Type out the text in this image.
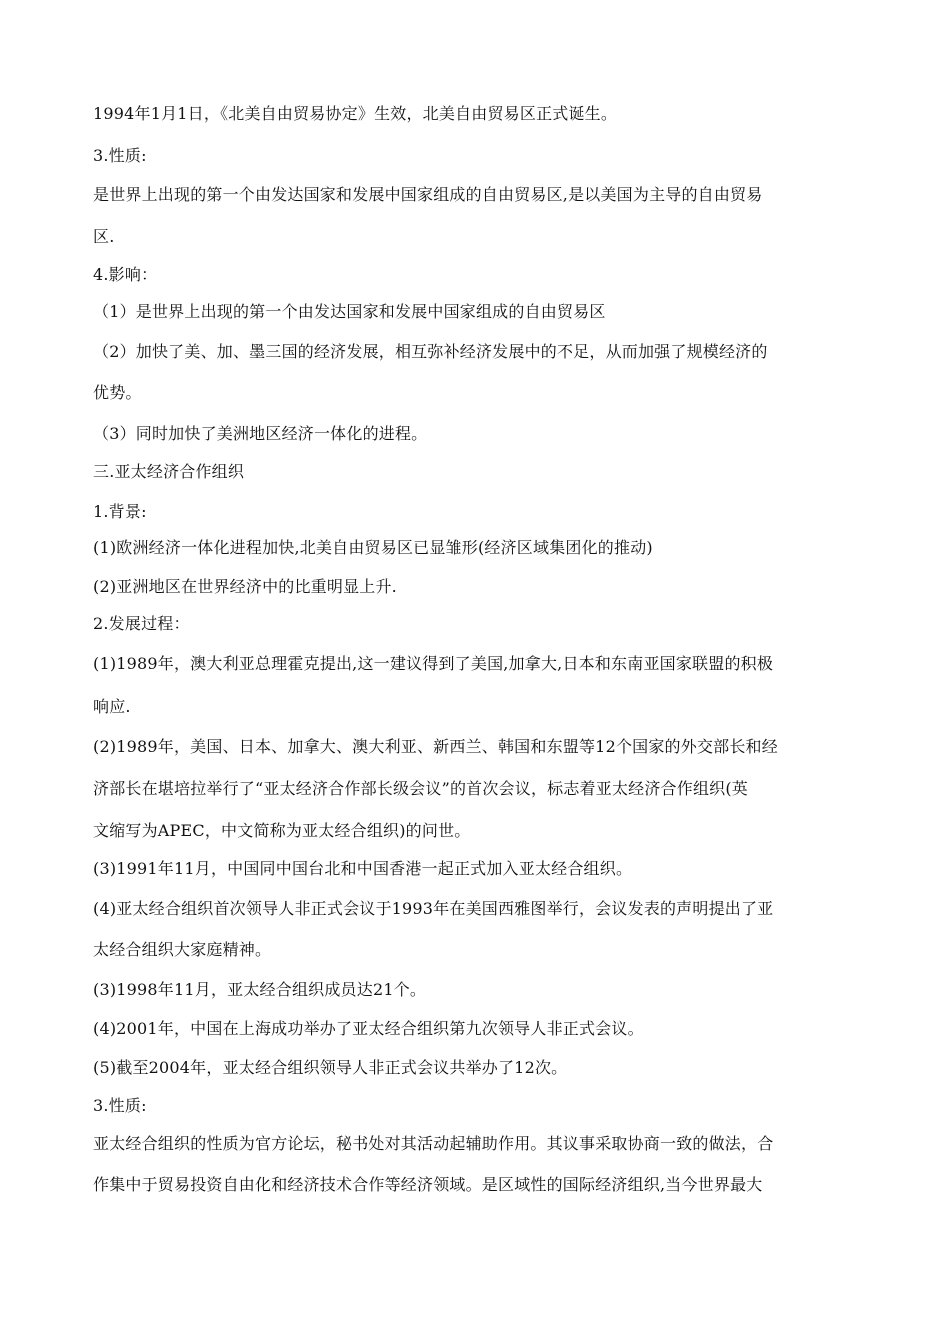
1994年1月1日，《北美自由贸易协定》生效，北美自由贸易区正式诞生。
3.性质:
是世界上出现的第一个由发达国家和发展中国家组成的自由贸易区,是以美国为主导的自由贸易
区.
4.影响：
（1）是世界上出现的第一个由发达国家和发展中国家组成的自由贸易区
（2）加快了美、加、墨三国的经济发展，相互弥补经济发展中的不足，从而加强了规模经济的
优势。
（3）同时加快了美洲地区经济一体化的进程。
三.亚太经济合作组织
1.背景:
(1)欧洲经济一体化进程加快,北美自由贸易区已显雏形(经济区域集团化的推动)
(2)亚洲地区在世界经济中的比重明显上升.
2.发展过程：
(1)1989年，澳大利亚总理霍克提出,这一建议得到了美国,加拿大,日本和东南亚国家联盟的积极
响应.
(2)1989年，美国、日本、加拿大、澳大利亚、新西兰、韩国和东盟等12个国家的外交部长和经
济部长在堪培拉举行了“亚太经济合作部长级会议”的首次会议，标志着亚太经济合作组织(英
文缩写为APEC，中文简称为亚太经合组织)的问世。
(3)1991年11月，中国同中国台北和中国香港一起正式加入亚太经合组织。
(4)亚太经合组织首次领导人非正式会议于1993年在美国西雅图举行，会议发表的声明提出了亚
太经合组织大家庭精神。
(3)1998年11月，亚太经合组织成员达21个。
(4)2001年，中国在上海成功举办了亚太经合组织第九次领导人非正式会议。
(5)截至2004年，亚太经合组织领导人非正式会议共举办了12次。
3.性质:
亚太经合组织的性质为官方论坛，秘书处对其活动起辅助作用。其议事采取协商一致的做法，合
作集中于贸易投资自由化和经济技术合作等经济领域。是区域性的国际经济组织,当今世界最大
